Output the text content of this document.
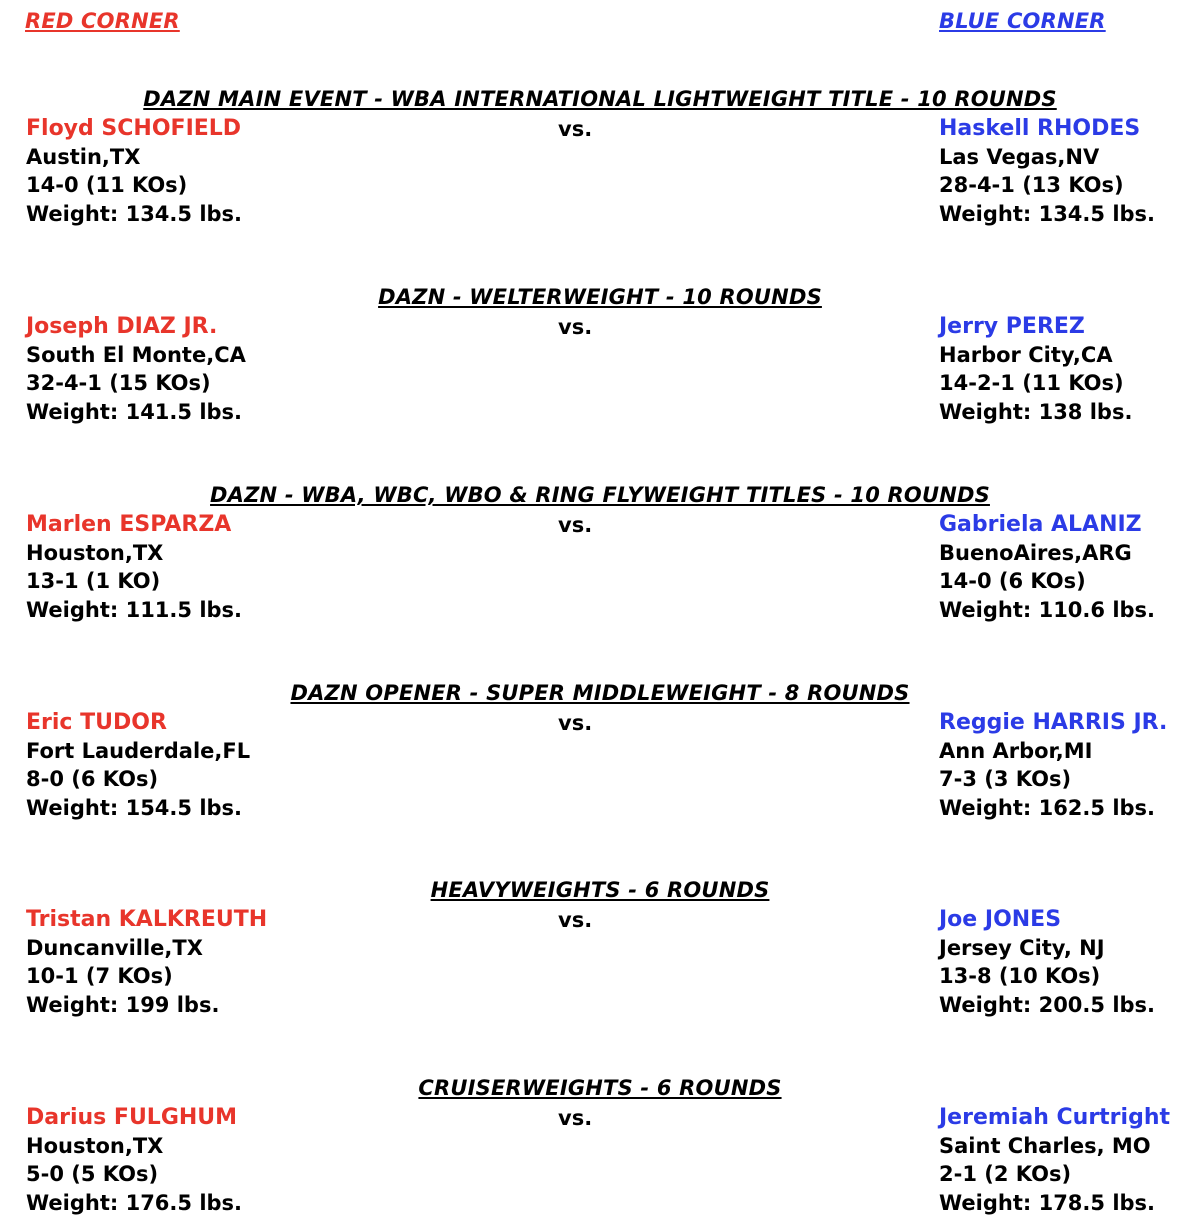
RED CORNER	BLUE CORNER
DAZN MAIN EVENT - WBA INTERNATIONAL LIGHTWEIGHT TITLE - 10 ROUNDS
Floyd SCHOFIELD
Austin,TX
14-0 (11 KOs)
Weight: 134.5 lbs.
vs.	Haskell RHODES
Las Vegas,NV
28-4-1 (13 KOs)
Weight: 134.5 lbs.
DAZN - WELTERWEIGHT - 10 ROUNDS
Joseph DIAZ JR.
South El Monte,CA
32-4-1 (15 KOs)
Weight: 141.5 lbs.
vs.	Jerry PEREZ
Harbor City,CA
14-2-1 (11 KOs)
Weight: 138 lbs.
DAZN - WBA, WBC, WBO & RING FLYWEIGHT TITLES - 10 ROUNDS
Marlen ESPARZA
Houston,TX
13-1 (1 KO)
Weight: 111.5 lbs.
vs.	Gabriela ALANIZ
BuenoAires,ARG
14-0 (6 KOs)
Weight: 110.6 lbs.
DAZN OPENER - SUPER MIDDLEWEIGHT - 8 ROUNDS
Eric TUDOR
Fort Lauderdale,FL
8-0 (6 KOs)
Weight: 154.5 lbs.
vs.	Reggie HARRIS JR.
Ann Arbor,MI
7-3 (3 KOs)
Weight: 162.5 lbs.
HEAVYWEIGHTS - 6 ROUNDS
Tristan KALKREUTH
Duncanville,TX
10-1 (7 KOs)
Weight: 199 lbs.
vs.	Joe JONES
Jersey City, NJ
13-8 (10 KOs)
Weight: 200.5 lbs.
CRUISERWEIGHTS - 6 ROUNDS
Darius FULGHUM
Houston,TX
5-0 (5 KOs)
Weight: 176.5 lbs.
vs.	Jeremiah Curtright
Saint Charles, MO
2-1 (2 KOs)
Weight: 178.5 lbs.
